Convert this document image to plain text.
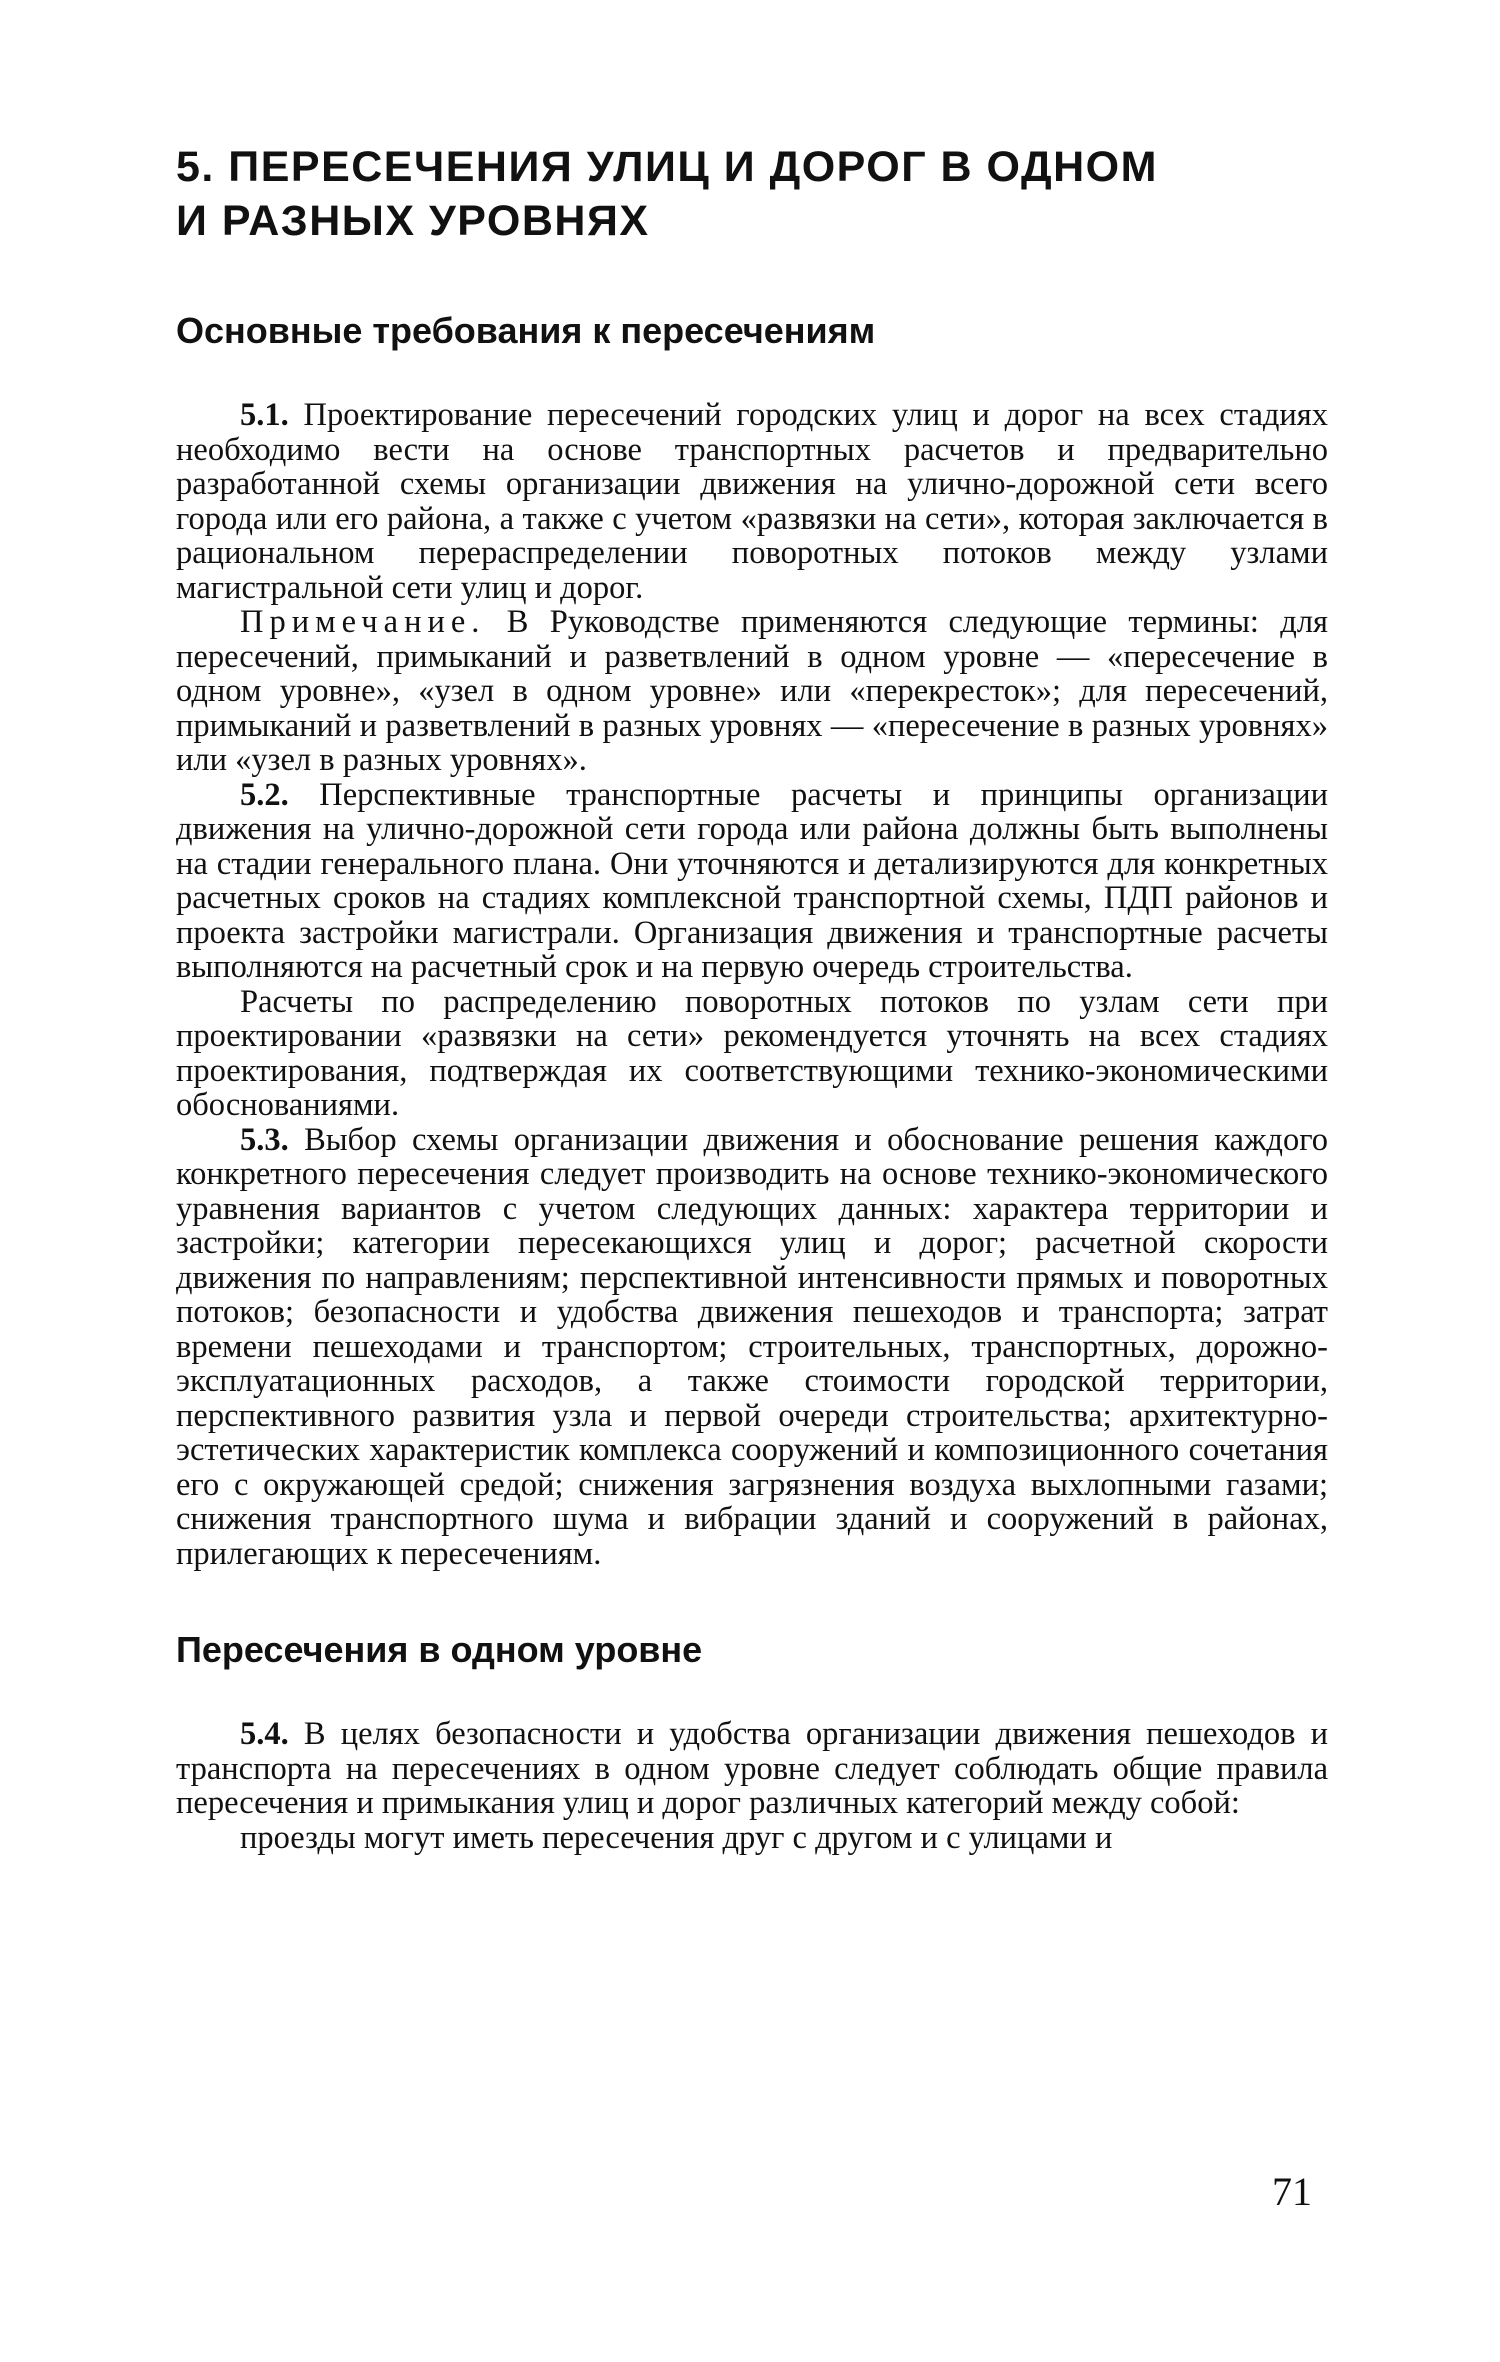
5. ПЕРЕСЕЧЕНИЯ УЛИЦ И ДОРОГ В ОДНОМ
И РАЗНЫХ УРОВНЯХ
Основные требования к пересечениям

5.1. Проектирование пересечений городских улиц и дорог на всех стадиях необходимо вести на основе транспортных расчетов и предварительно разработанной схемы организации движения на улично-дорожной сети всего города или его района, а также с учетом «развязки на сети», которая заключается в рациональном перераспределении поворотных потоков между узлами магистральной сети улиц и дорог.

Примечание. В Руководстве применяются следующие термины: для пересечений, примыканий и разветвлений в одном уровне — «пересечение в одном уровне», «узел в одном уровне» или «перекресток»; для пересечений, примыканий и разветвлений в разных уровнях — «пересечение в разных уровнях» или «узел в разных уровнях».

5.2. Перспективные транспортные расчеты и принципы организации движения на улично-дорожной сети города или района должны быть выполнены на стадии генерального плана. Они уточняются и детализируются для конкретных расчетных сроков на стадиях комплексной транспортной схемы, ПДП районов и проекта застройки магистрали. Организация движения и транспортные расчеты выполняются на расчетный срок и на первую очередь строительства.

Расчеты по распределению поворотных потоков по узлам сети при проектировании «развязки на сети» рекомендуется уточнять на всех стадиях проектирования, подтверждая их соответствующими технико-экономическими обоснованиями.

5.3. Выбор схемы организации движения и обоснование решения каждого конкретного пересечения следует производить на основе технико-экономического уравнения вариантов с учетом следующих данных: характера территории и застройки; категории пересекающихся улиц и дорог; расчетной скорости движения по направлениям; перспективной интенсивности прямых и поворотных потоков; безопасности и удобства движения пешеходов и транспорта; затрат времени пешеходами и транспортом; строительных, транспортных, дорожно-эксплуатационных расходов, а также стоимости городской территории, перспективного развития узла и первой очереди строительства; архитектурно-эстетических характеристик комплекса сооружений и композиционного сочетания его с окружающей средой; снижения загрязнения воздуха выхлопными газами; снижения транспортного шума и вибрации зданий и сооружений в районах, прилегающих к пересечениям.

Пересечения в одном уровне

5.4. В целях безопасности и удобства организации движения пешеходов и транспорта на пересечениях в одном уровне следует соблюдать общие правила пересечения и примыкания улиц и дорог различных категорий между собой:

проезды могут иметь пересечения друг с другом и с улицами и

71
